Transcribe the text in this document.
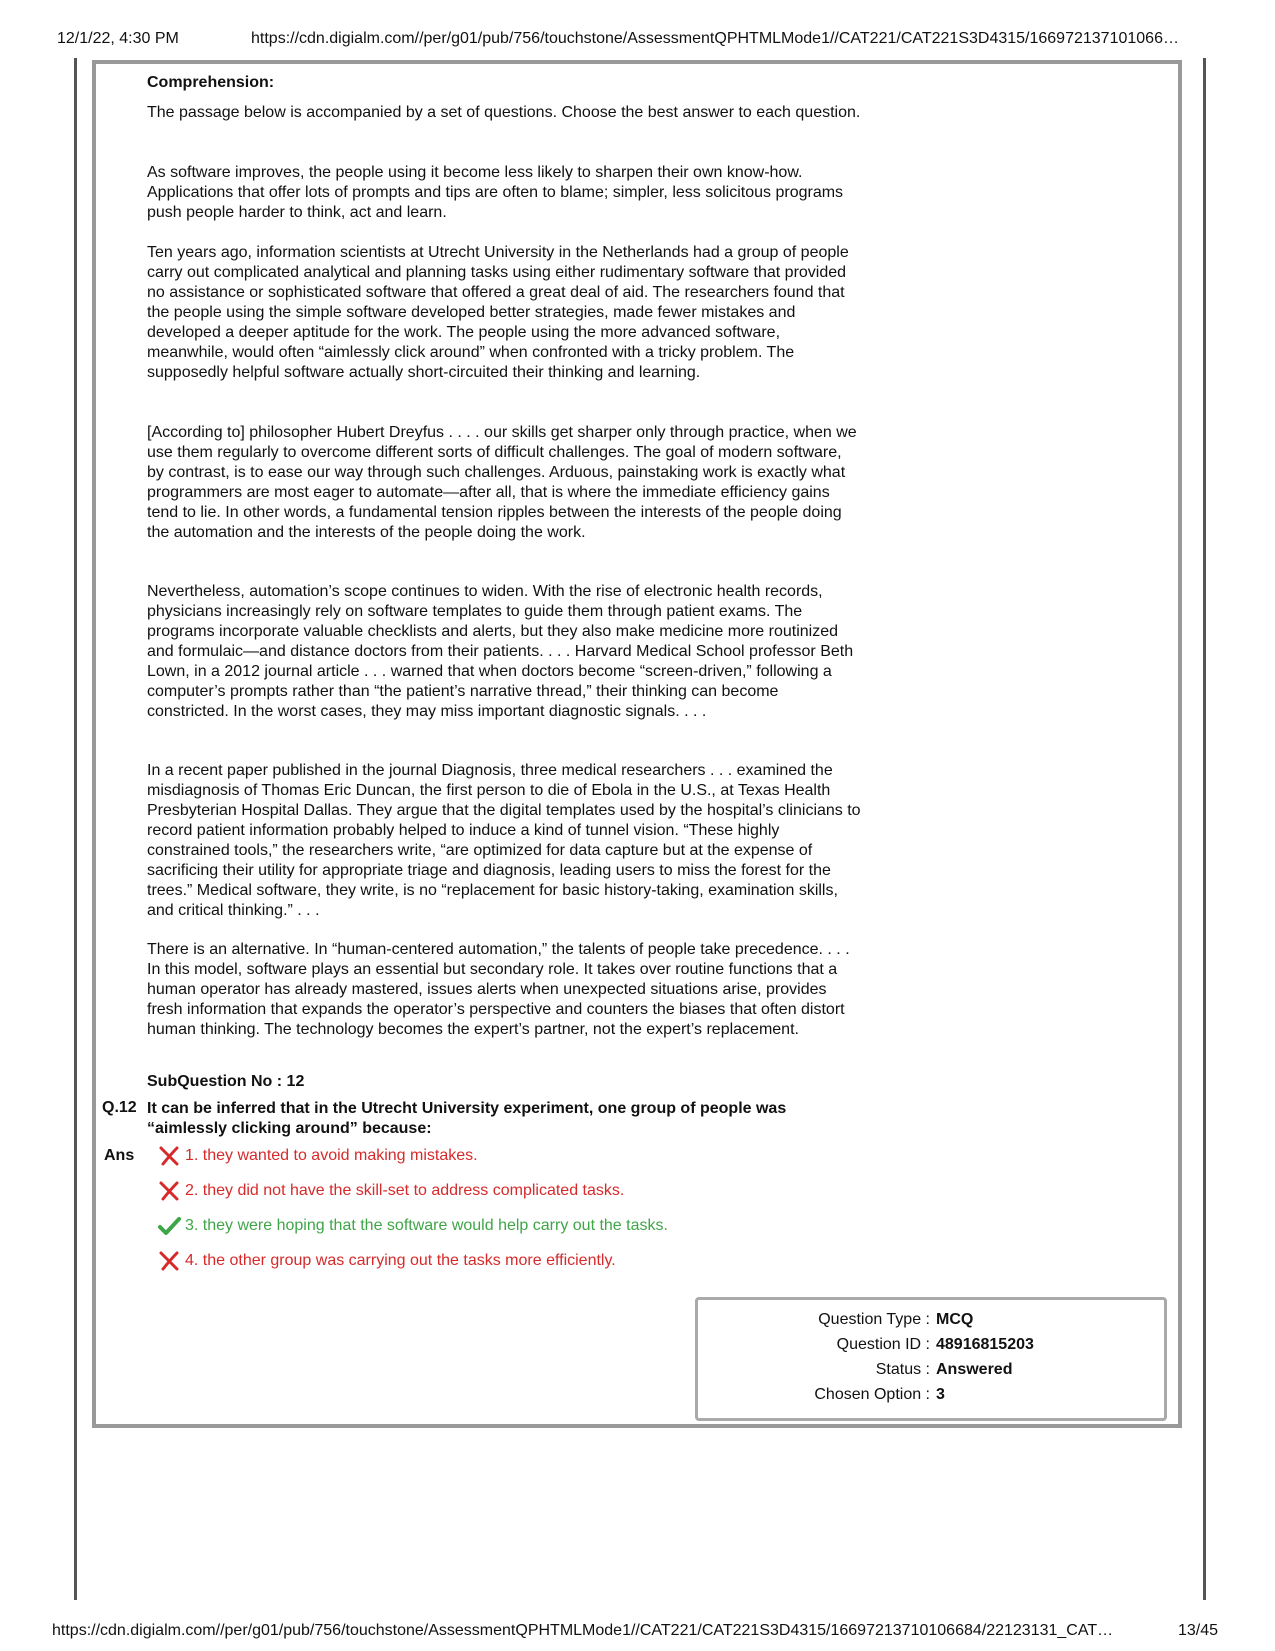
12/1/22, 4:30 PM	https://cdn.digialm.com//per/g01/pub/756/touchstone/AssessmentQPHTMLMode1//CAT221/CAT221S3D4315/166972137101066…
Comprehension:

The passage below is accompanied by a set of questions. Choose the best answer to each question.

As software improves, the people using it become less likely to sharpen their own know-how. Applications that offer lots of prompts and tips are often to blame; simpler, less solicitous programs push people harder to think, act and learn.

Ten years ago, information scientists at Utrecht University in the Netherlands had a group of people carry out complicated analytical and planning tasks using either rudimentary software that provided no assistance or sophisticated software that offered a great deal of aid. The researchers found that the people using the simple software developed better strategies, made fewer mistakes and developed a deeper aptitude for the work. The people using the more advanced software, meanwhile, would often “aimlessly click around” when confronted with a tricky problem. The supposedly helpful software actually short-circuited their thinking and learning.

[According to] philosopher Hubert Dreyfus . . . . our skills get sharper only through practice, when we use them regularly to overcome different sorts of difficult challenges. The goal of modern software, by contrast, is to ease our way through such challenges. Arduous, painstaking work is exactly what programmers are most eager to automate—after all, that is where the immediate efficiency gains tend to lie. In other words, a fundamental tension ripples between the interests of the people doing the automation and the interests of the people doing the work.

Nevertheless, automation’s scope continues to widen. With the rise of electronic health records, physicians increasingly rely on software templates to guide them through patient exams. The programs incorporate valuable checklists and alerts, but they also make medicine more routinized and formulaic—and distance doctors from their patients. . . . Harvard Medical School professor Beth Lown, in a 2012 journal article . . . warned that when doctors become “screen-driven,” following a computer’s prompts rather than “the patient’s narrative thread,” their thinking can become constricted. In the worst cases, they may miss important diagnostic signals. . . .

In a recent paper published in the journal Diagnosis, three medical researchers . . . examined the misdiagnosis of Thomas Eric Duncan, the first person to die of Ebola in the U.S., at Texas Health Presbyterian Hospital Dallas. They argue that the digital templates used by the hospital’s clinicians to record patient information probably helped to induce a kind of tunnel vision. “These highly constrained tools,” the researchers write, “are optimized for data capture but at the expense of sacrificing their utility for appropriate triage and diagnosis, leading users to miss the forest for the trees.” Medical software, they write, is no “replacement for basic history-taking, examination skills, and critical thinking.” . . .

There is an alternative. In “human-centered automation,” the talents of people take precedence. . . . In this model, software plays an essential but secondary role. It takes over routine functions that a human operator has already mastered, issues alerts when unexpected situations arise, provides fresh information that expands the operator’s perspective and counters the biases that often distort human thinking. The technology becomes the expert’s partner, not the expert’s replacement.

SubQuestion No : 12
Q.12 It can be inferred that in the Utrecht University experiment, one group of people was “aimlessly clicking around” because:
Ans	1. they wanted to avoid making mistakes.
2. they did not have the skill-set to address complicated tasks.
3. they were hoping that the software would help carry out the tasks.
4. the other group was carrying out the tasks more efficiently.
Question Type : MCQ
Question ID : 48916815203
Status : Answered
Chosen Option : 3
https://cdn.digialm.com//per/g01/pub/756/touchstone/AssessmentQPHTMLMode1//CAT221/CAT221S3D4315/16697213710106684/22123131_CAT…	13/45
